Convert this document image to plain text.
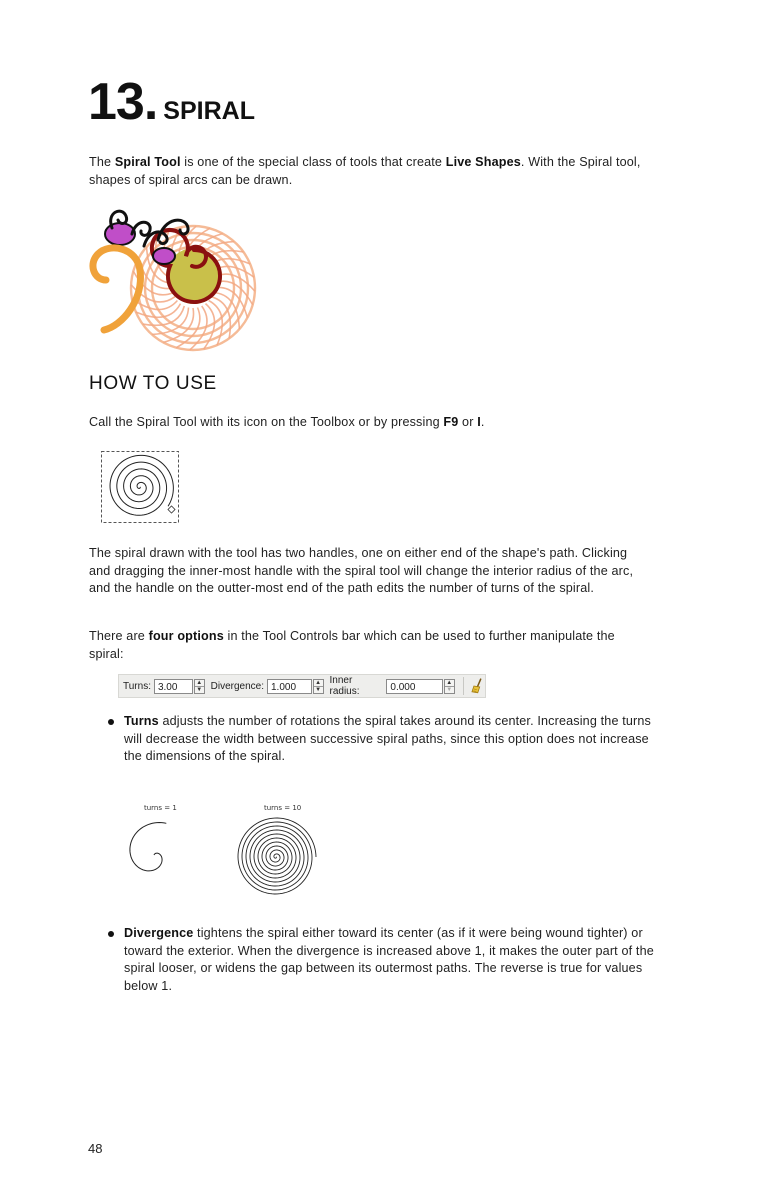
13. SPIRAL

The Spiral Tool is one of the special class of tools that create Live Shapes. With the Spiral tool, shapes of spiral arcs can be drawn.

HOW TO USE

Call the Spiral Tool with its icon on the Toolbox or by pressing F9 or I.

The spiral drawn with the tool has two handles, one on either end of the shape's path. Clicking and dragging the inner-most handle with the spiral tool will change the interior radius of the arc, and the handle on the outter-most end of the path edits the number of turns of the spiral.

There are four options in the Tool Controls bar which can be used to further manipulate the spiral:

Turns: 3.00	▲
▼ Divergence: 1.000	▲
▼
Inner radius:	0.000	▲
▼

Turns adjusts the number of rotations the spiral takes around its center. Increasing the turns will decrease the width between successive spiral paths, since this option does not increase the dimensions of the spiral.

turns = 1	turns = 10

Divergence tightens the spiral either toward its center (as if it were being wound tighter) or toward the exterior. When the divergence is increased above 1, it makes the outer part of the spiral looser, or widens the gap between its outermost paths. The reverse is true for values below 1.

48
